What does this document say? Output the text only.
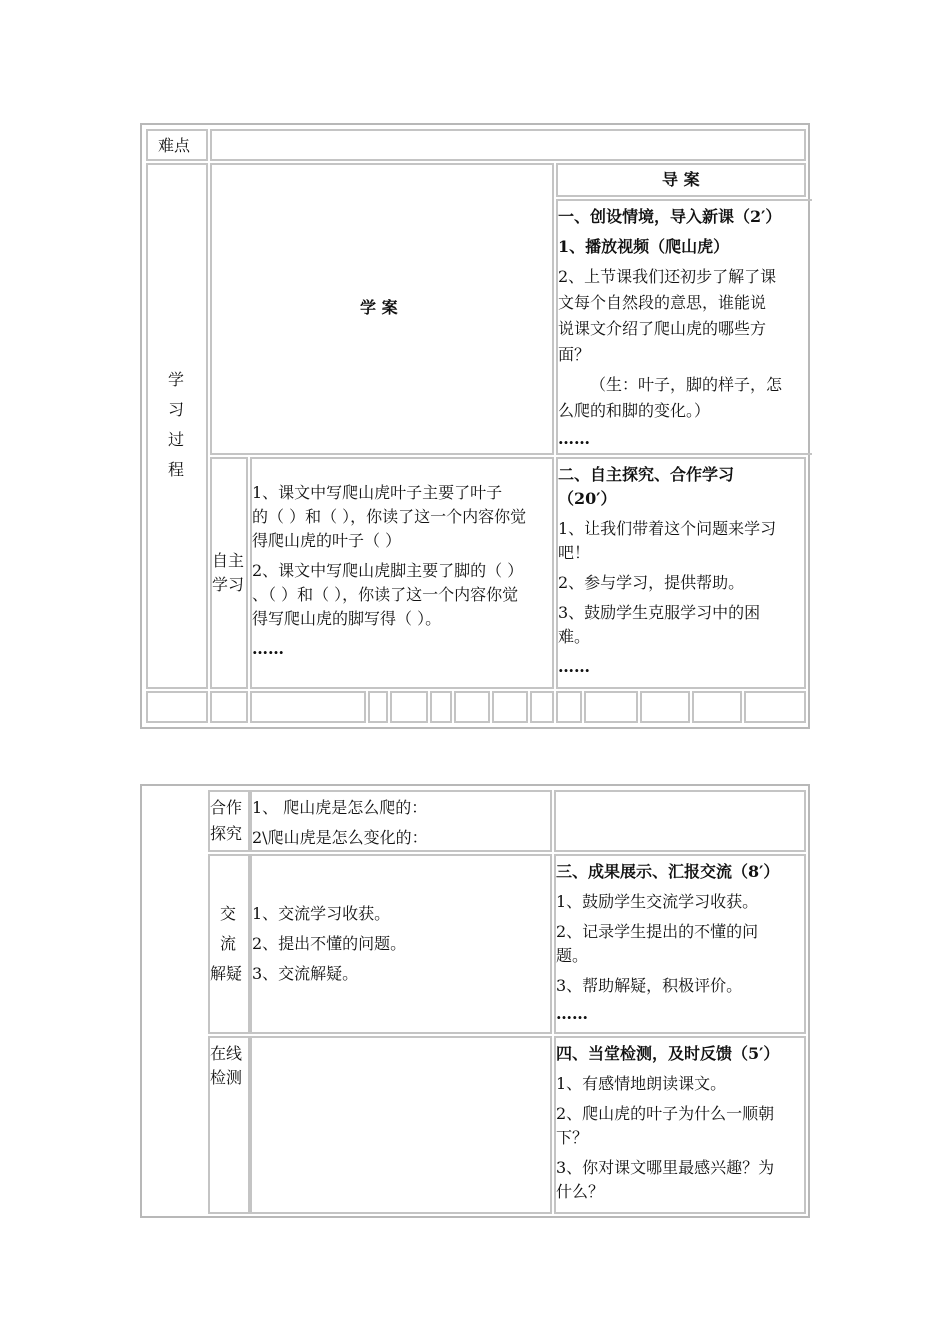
难点
学
习
过
程
学 案
导 案
一、创设情境，导入新课（2′）
1、播放视频（爬山虎）
2、上节课我们还初步了解了课
文每个自然段的意思，谁能说
说课文介绍了爬山虎的哪些方
面？
（生：叶子，脚的样子，怎
么爬的和脚的变化。）
……
自主
学习
1、课文中写爬山虎叶子主要了叶子
的（ ）和（ ），你读了这一个内容你觉
得爬山虎的叶子（ ）
2、课文中写爬山虎脚主要了脚的（ ）
、（ ）和（ ），你读了这一个内容你觉
得写爬山虎的脚写得（ ）。
……
二、自主探究、合作学习
（20′）
1、让我们带着这个问题来学习
吧！
2、参与学习，提供帮助。
3、鼓励学生克服学习中的困
难。
……
合作
探究
1、 爬山虎是怎么爬的：
2\爬山虎是怎么变化的：
交
流
解疑
1、交流学习收获。
2、提出不懂的问题。
3、交流解疑。
三、成果展示、汇报交流（8′）
1、鼓励学生交流学习收获。
2、记录学生提出的不懂的问
题。
3、帮助解疑，积极评价。
……
在线
检测
四、当堂检测，及时反馈（5′）
1、有感情地朗读课文。
2、爬山虎的叶子为什么一顺朝
下？
3、你对课文哪里最感兴趣？为
什么？
